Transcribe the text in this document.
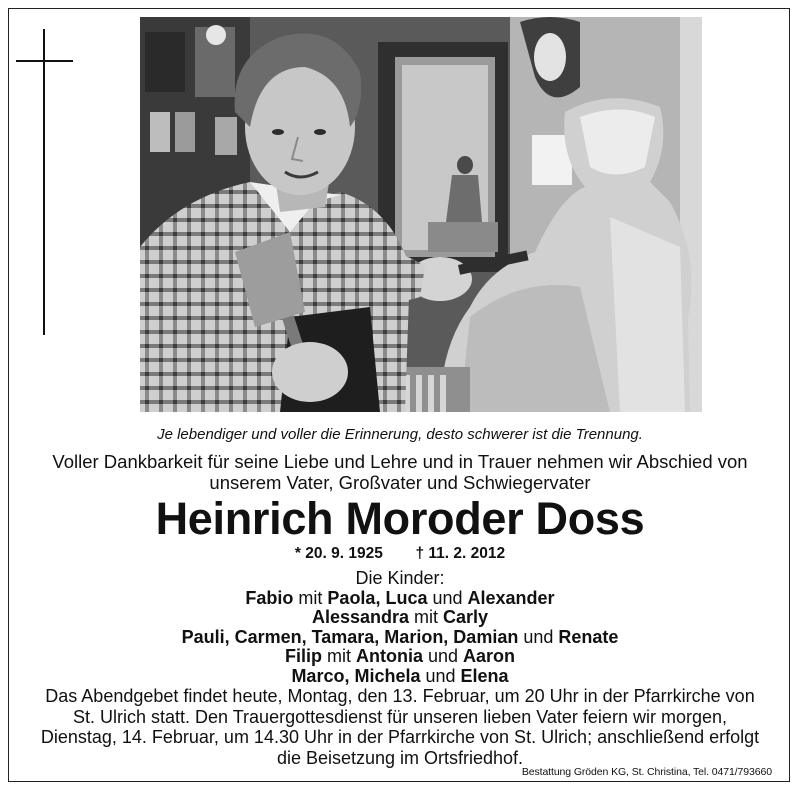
Je lebendiger und voller die Erinnerung, desto schwerer ist die Trennung.
Voller Dankbarkeit für seine Liebe und Lehre und in Trauer nehmen wir Abschied von
unserem Vater, Großvater und Schwiegervater
Heinrich Moroder Doss
* 20. 9. 1925 † 11. 2. 2012
Die Kinder:
Fabio mit Paola, Luca und Alexander
Alessandra mit Carly
Pauli, Carmen, Tamara, Marion, Damian und Renate
Filip mit Antonia und Aaron
Marco, Michela und Elena
Das Abendgebet findet heute, Montag, den 13. Februar, um 20 Uhr in der Pfarrkirche von
St. Ulrich statt. Den Trauergottesdienst für unseren lieben Vater feiern wir morgen,
Dienstag, 14. Februar, um 14.30 Uhr in der Pfarrkirche von St. Ulrich; anschließend erfolgt
die Beisetzung im Ortsfriedhof.
Bestattung Gröden KG, St. Christina, Tel. 0471/793660
